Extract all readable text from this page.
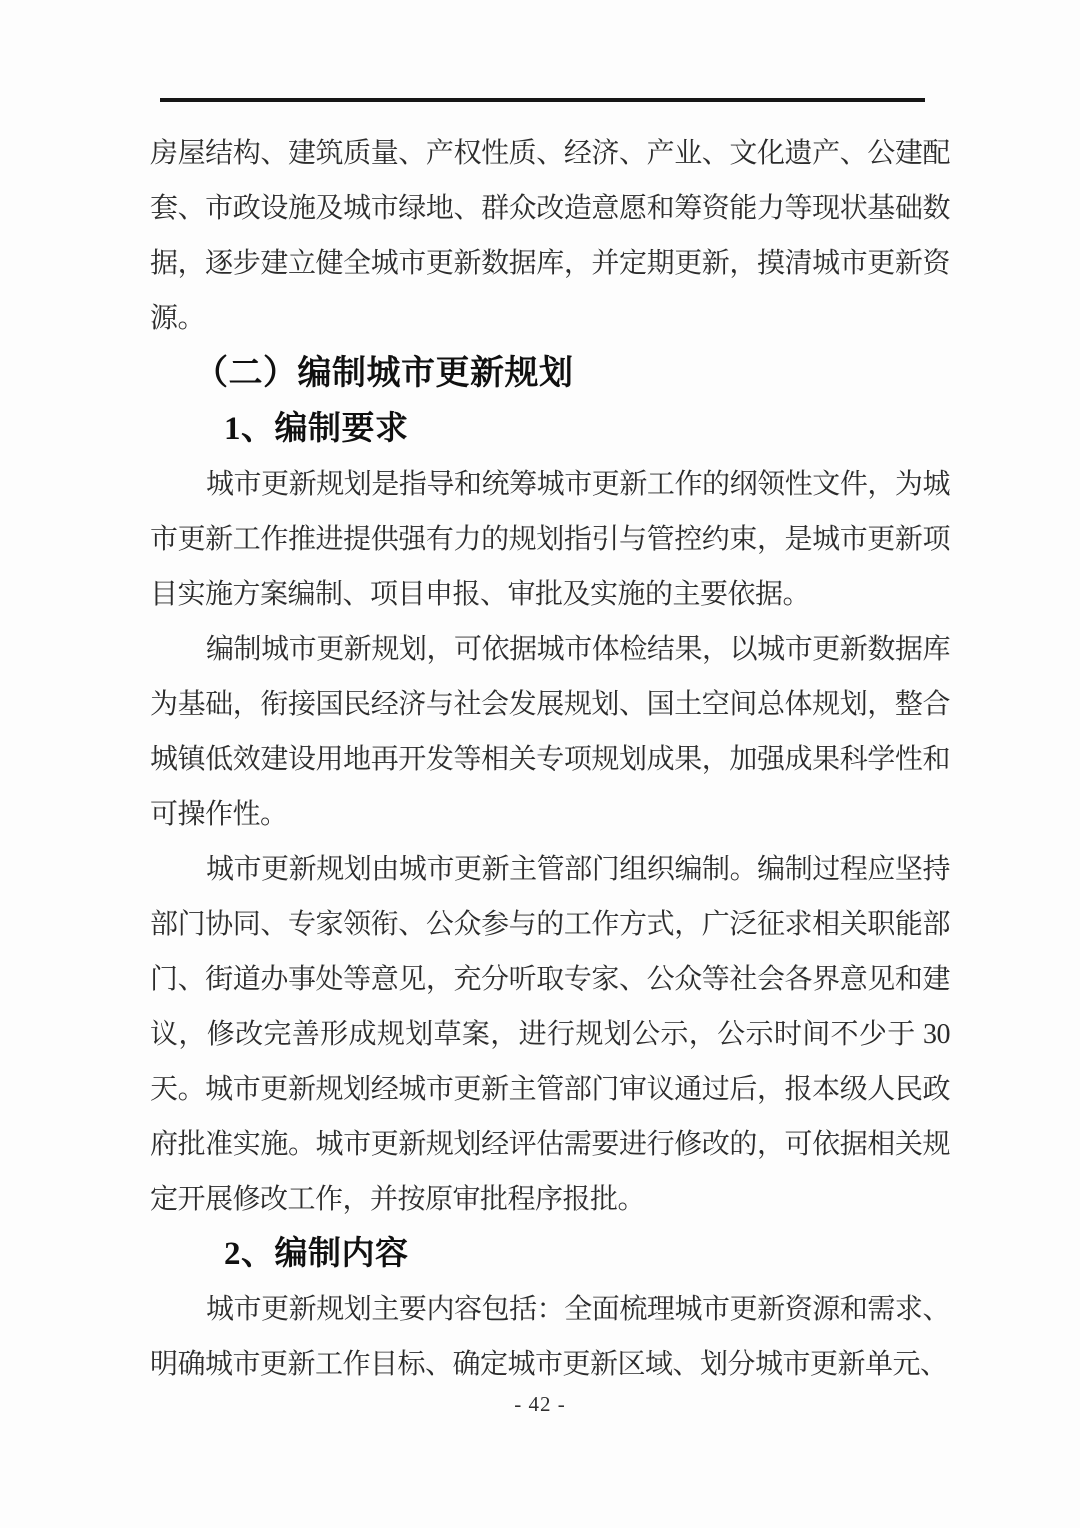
房屋结构、建筑质量、产权性质、经济、产业、文化遗产、公建配套、市政设施及城市绿地、群众改造意愿和筹资能力等现状基础数据，逐步建立健全城市更新数据库，并定期更新，摸清城市更新资源。

（二）编制城市更新规划
1、编制要求

城市更新规划是指导和统筹城市更新工作的纲领性文件，为城市更新工作推进提供强有力的规划指引与管控约束，是城市更新项目实施方案编制、项目申报、审批及实施的主要依据。

编制城市更新规划，可依据城市体检结果，以城市更新数据库为基础，衔接国民经济与社会发展规划、国土空间总体规划，整合城镇低效建设用地再开发等相关专项规划成果，加强成果科学性和可操作性。

城市更新规划由城市更新主管部门组织编制。编制过程应坚持部门协同、专家领衔、公众参与的工作方式，广泛征求相关职能部门、街道办事处等意见，充分听取专家、公众等社会各界意见和建议，修改完善形成规划草案，进行规划公示，公示时间不少于 30 天。城市更新规划经城市更新主管部门审议通过后，报本级人民政府批准实施。城市更新规划经评估需要进行修改的，可依据相关规定开展修改工作，并按原审批程序报批。

2、编制内容

城市更新规划主要内容包括：全面梳理城市更新资源和需求、明确城市更新工作目标、确定城市更新区域、划分城市更新单元、

- 42 -
